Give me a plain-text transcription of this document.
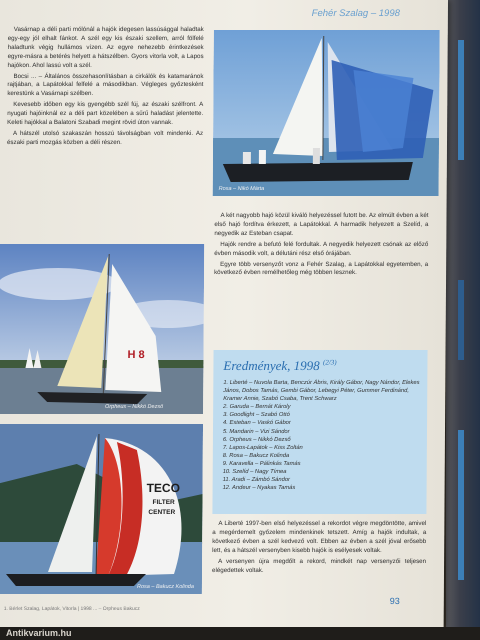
Fehér Szalag – 1998

Vasárnap a déli parti mólónál a hajók idegesen lassúsággal haladtak egy-egy jól elhalt fánkot. A szél egy kis északi szellem, arról fölfelé haladtunk végig hullámos vízen. Az egyre nehezebb érintkezések egyre-másra a betérés helyett a hátszélben. Gyors vitorla volt, a Lapos hajókon. Ahol lassú volt a szél.

Bocsi ... – Általános összehasonlításban a cirkálók és katamaránok rajtjában, a Lapátokkal felfelé a másodikban. Végleges győztesként kerestünk a Vasárnapi szélben.

Kevesebb időben egy kis gyengébb szél fúj, az északi szélfront. A nyugati hajóinknál ez a déli part közelében a sűrű haladást jelentette. Keleti hajókkal a Balatoni Szabadi megint rövid úton vannak.

A hátszél utolsó szakaszán hosszú távolságban volt mindenki. Az északi parti mozgás közben a déli részen.

Rosa – Nikó Márta
H 8
Orpheus – Nikkó Dezső
TECO
FILTER
CENTER
Rosa – Bakucz Kolinda

A két nagyobb hajó közül kiváló helyezéssel futott be. Az elmúlt évben a két első hajó fordítva érkezett, a Lapátokkal. A harmadik helyezett a Szelíd, a negyedik az Esteban csapat.

Hajók rendre a befutó felé fordultak. A negyedik helyezett csónak az előző évben második volt, a délutáni rész első órájában.

Egyre több versenyzőt vonz a Fehér Szalag, a Lapátokkal egyetemben, a következő évben remélhetőleg még többen lesznek.

Eredmények, 1998 $^{(2/3)}$
1. Liberté – Nuvola Barta, Benczúr Ábris, Király Gábor, Nagy Nándor, Elekes János, Dobos Tamás, Gembi Gábor, Lebegyi Péter, Gummer Ferdinánd, Kramer Annie, Szabó Csaba, Trent Schwarz
2. Garuda – Bernát Károly
3. Goodlight – Szabó Ottó
4. Esteban – Vaskó Gábor
5. Mandarin – Vizi Sándor
6. Orpheus – Nikkó Dezső
7. Lapos-Lapátok – Kiss Zoltán
8. Rosa – Bakucz Kolinda
9. Karavella – Pálinkás Tamás
10. Szelíd – Nagy Tímea
11. Aradi – Zámbó Sándor
12. Andeur – Nyakas Tamás

A Liberté 1997-ben első helyezéssel a rekordot végre megdöntötte, amivel a megérdemelt győzelem mindenkinek tetszett. Amíg a hajók indultak, a következő évben a szél kedvező volt. Ebben az évben a szél jóval erősebb lett, és a hátszél versenyben kisebb hajók is esélyesek voltak.

A versenyen újra megdőlt a rekord, mindkét nap versenyzői teljesen elégedettek voltak.

1. Bérlet Szalag, Lapátok, Vitorla | 1998 ... – Orpheus Bakucz
93
Antikvarium.hu
